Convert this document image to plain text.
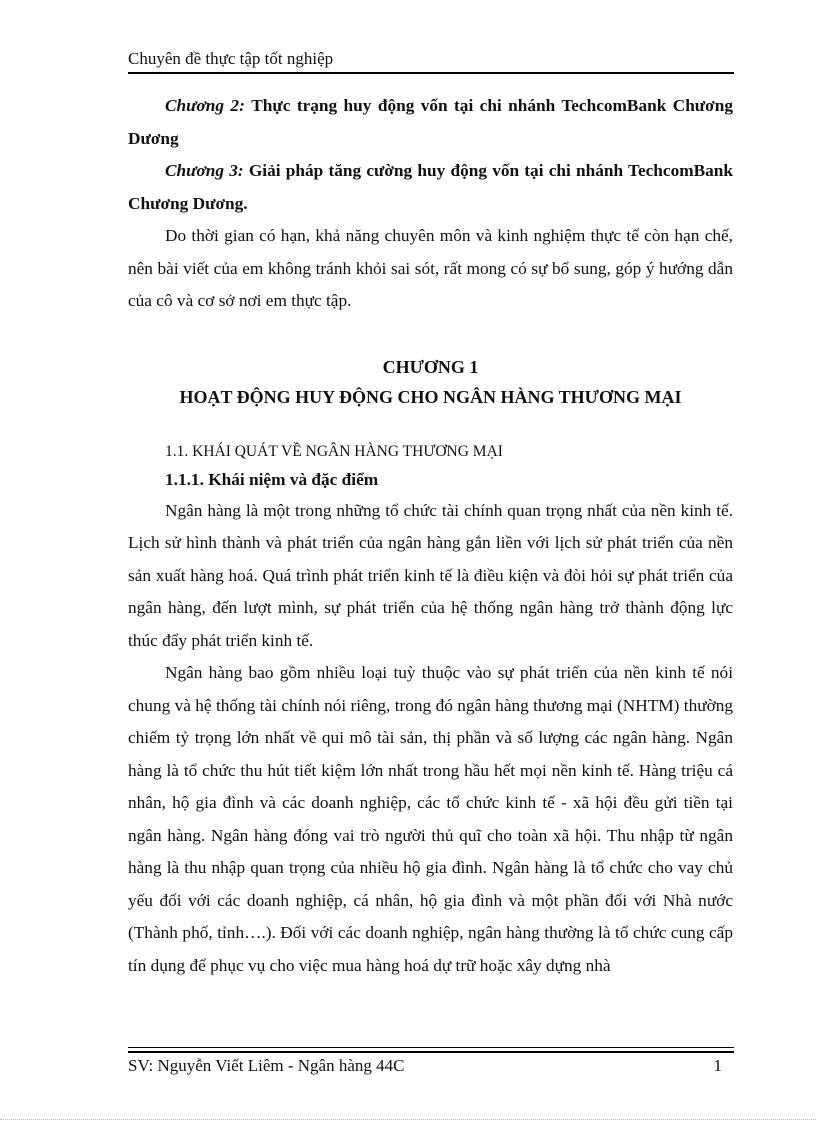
Chuyên đề thực tập tốt nghiệp

Chương 2: Thực trạng huy động vốn tại chi nhánh TechcomBank Chương Dương

Chương 3: Giải pháp tăng cường huy động vốn tại chi nhánh TechcomBank Chương Dương.

Do thời gian có hạn, khả năng chuyên môn và kinh nghiệm thực tế còn hạn chế, nên bài viết của em không tránh khỏi sai sót, rất mong có sự bổ sung, góp ý hướng dẫn của cô và cơ sở nơi em thực tập.

CHƯƠNG 1

HOẠT ĐỘNG HUY ĐỘNG CHO NGÂN HÀNG THƯƠNG MẠI

1.1. KHÁI QUÁT VỀ NGÂN HÀNG THƯƠNG MẠI

1.1.1. Khái niệm và đặc điểm

Ngân hàng là một trong những tổ chức tài chính quan trọng nhất của nền kinh tế. Lịch sử hình thành và phát triển của ngân hàng gắn liền với lịch sử phát triển của nền sản xuất hàng hoá. Quá trình phát triển kinh tế là điều kiện và đòi hỏi sự phát triển của ngân hàng, đến lượt mình, sự phát triển của hệ thống ngân hàng trở thành động lực thúc đẩy phát triển kinh tế.

Ngân hàng bao gồm nhiều loại tuỳ thuộc vào sự phát triển của nền kinh tế nói chung và hệ thống tài chính nói riêng, trong đó ngân hàng thương mại (NHTM) thường chiếm tỷ trọng lớn nhất về qui mô tài sản, thị phần và số lượng các ngân hàng. Ngân hàng là tổ chức thu hút tiết kiệm lớn nhất trong hầu hết mọi nền kinh tế. Hàng triệu cá nhân, hộ gia đình và các doanh nghiệp, các tổ chức kinh tế - xã hội đều gửi tiền tại ngân hàng. Ngân hàng đóng vai trò người thủ quĩ cho toàn xã hội. Thu nhập từ ngân hàng là thu nhập quan trọng của nhiều hộ gia đình. Ngân hàng là tổ chức cho vay chủ yếu đối với các doanh nghiệp, cá nhân, hộ gia đình và một phần đối với Nhà nước (Thành phố, tỉnh….). Đối với các doanh nghiệp, ngân hàng thường là tổ chức cung cấp tín dụng để phục vụ cho việc mua hàng hoá dự trữ hoặc xây dựng nhà

SV: Nguyễn Viết Liêm - Ngân hàng 44C	1
